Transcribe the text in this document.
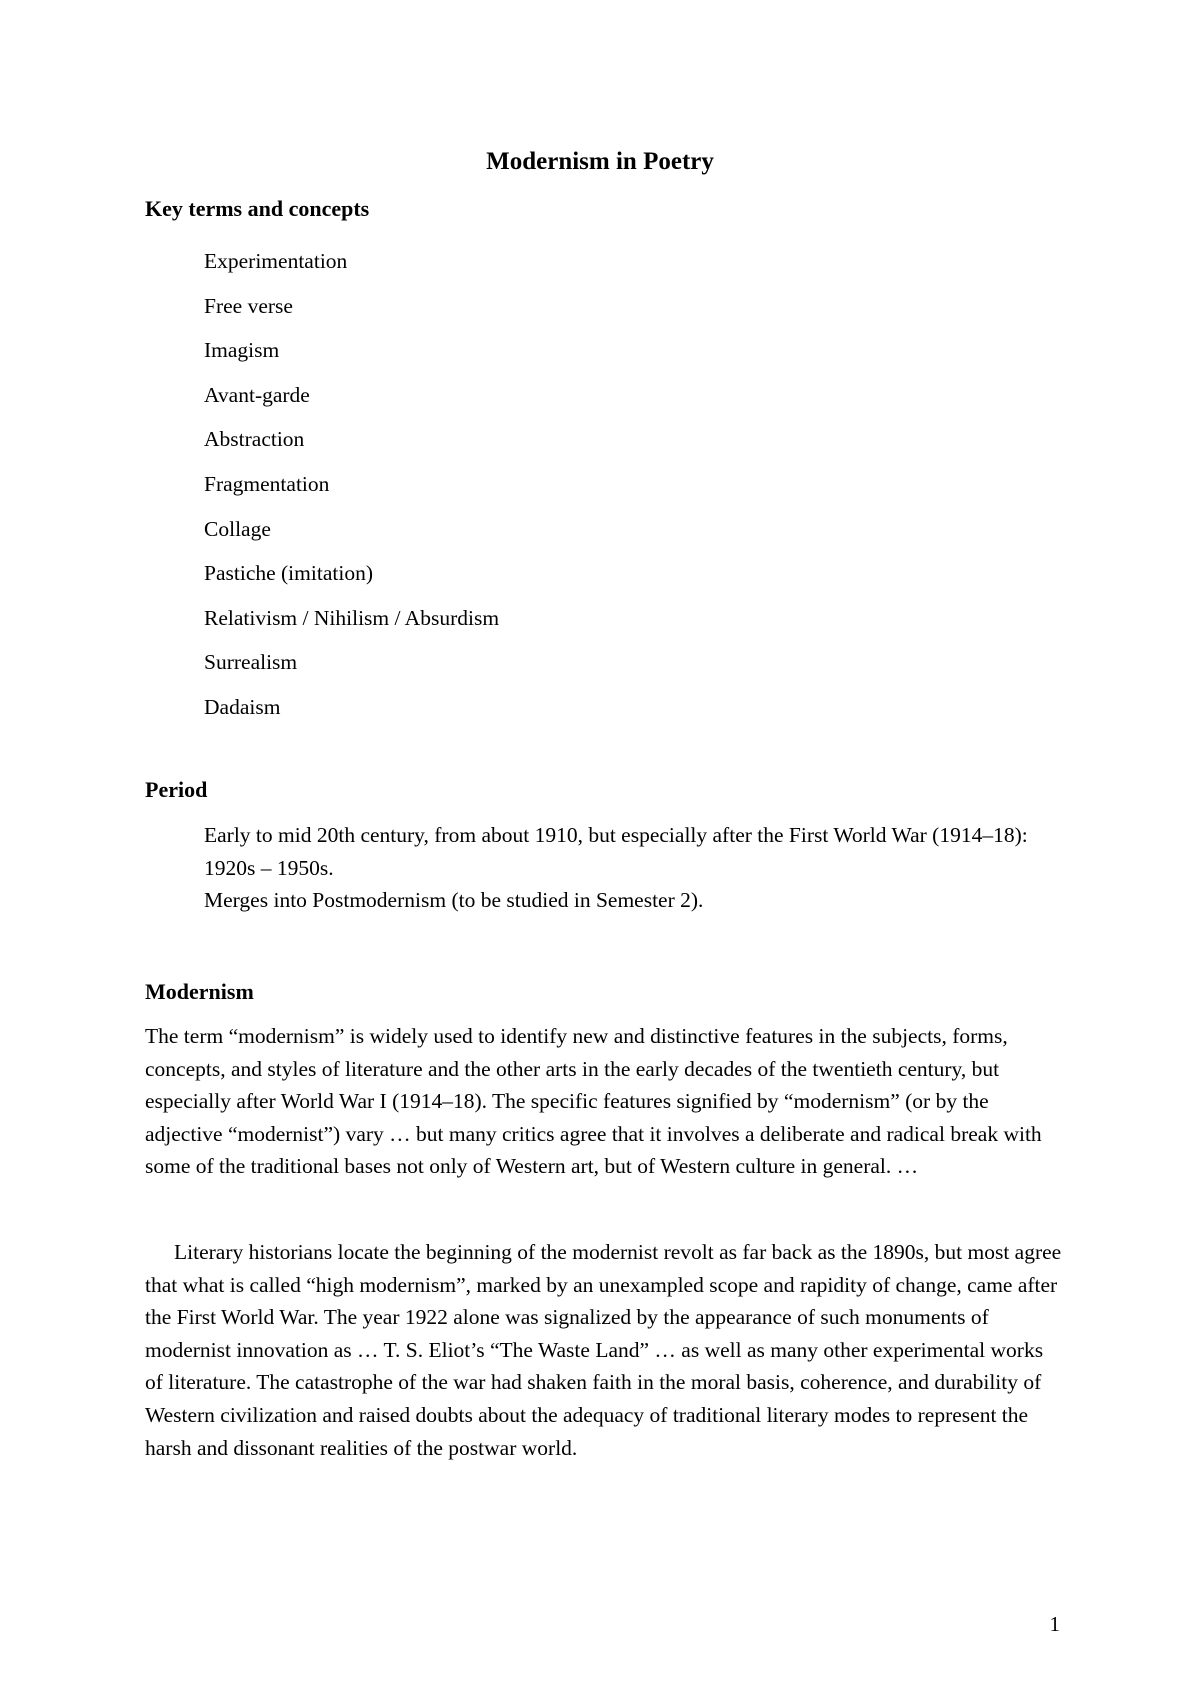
Modernism in Poetry
Key terms and concepts
Experimentation
Free verse
Imagism
Avant-garde
Abstraction
Fragmentation
Collage
Pastiche (imitation)
Relativism / Nihilism / Absurdism
Surrealism
Dadaism
Period

Early to mid 20th century, from about 1910, but especially after the First World War (1914–18): 1920s – 1950s.

Merges into Postmodernism (to be studied in Semester 2).

Modernism

The term “modernism” is widely used to identify new and distinctive features in the subjects, forms, concepts, and styles of literature and the other arts in the early decades of the twentieth century, but especially after World War I (1914–18). The specific features signified by “modernism” (or by the adjective “modernist”) vary … but many critics agree that it involves a deliberate and radical break with some of the traditional bases not only of Western art, but of Western culture in general. …

Literary historians locate the beginning of the modernist revolt as far back as the 1890s, but most agree that what is called “high modernism”, marked by an unexampled scope and rapidity of change, came after the First World War. The year 1922 alone was signalized by the appearance of such monuments of modernist innovation as … T. S. Eliot’s “The Waste Land” … as well as many other experimental works of literature. The catastrophe of the war had shaken faith in the moral basis, coherence, and durability of Western civilization and raised doubts about the adequacy of traditional literary modes to represent the harsh and dissonant realities of the postwar world.

1
